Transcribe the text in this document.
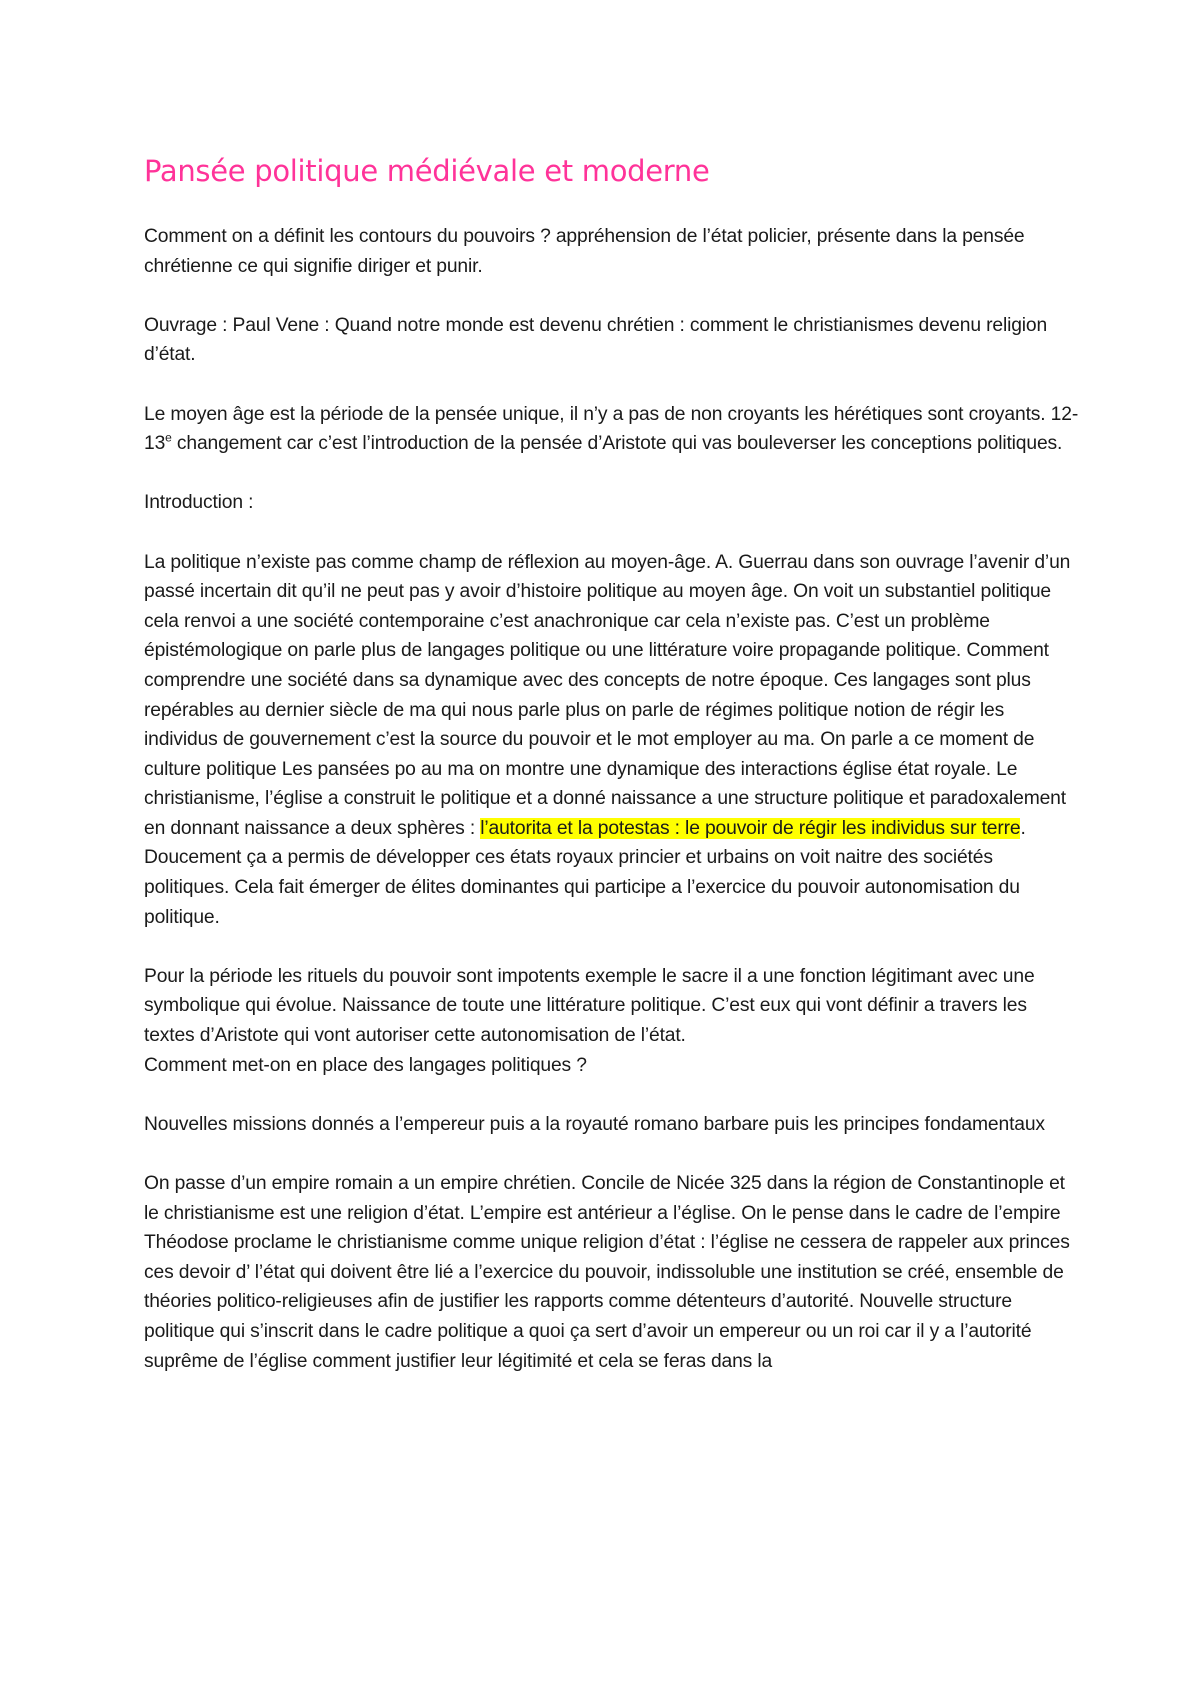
Pansée politique médiévale et moderne

Comment on a définit les contours du pouvoirs ? appréhension de l’état policier, présente dans la pensée chrétienne ce qui signifie diriger et punir.

Ouvrage : Paul Vene : Quand notre monde est devenu chrétien : comment le christianismes devenu religion d’état.

Le moyen âge est la période de la pensée unique, il n’y a pas de non croyants les hérétiques sont croyants. 12-13e changement car c’est l’introduction de la pensée d’Aristote qui vas bouleverser les conceptions politiques.

Introduction :

La politique n’existe pas comme champ de réflexion au moyen-âge. A. Guerrau dans son ouvrage l’avenir d’un passé incertain dit qu’il ne peut pas y avoir d’histoire politique au moyen âge. On voit un substantiel politique cela renvoi a une société contemporaine c’est anachronique car cela n’existe pas. C’est un problème épistémologique on parle plus de langages politique ou une littérature voire propagande politique. Comment comprendre une société dans sa dynamique avec des concepts de notre époque. Ces langages sont plus repérables au dernier siècle de ma qui nous parle plus on parle de régimes politique notion de régir les individus de gouvernement c’est la source du pouvoir et le mot employer au ma. On parle a ce moment de culture politique Les pansées po au ma on montre une dynamique des interactions église état royale. Le christianisme, l’église a construit le politique et a donné naissance a une structure politique et paradoxalement en donnant naissance a deux sphères : l’autorita et la potestas : le pouvoir de régir les individus sur terre. Doucement ça a permis de développer ces états royaux princier et urbains on voit naitre des sociétés politiques. Cela fait émerger de élites dominantes qui participe a l’exercice du pouvoir autonomisation du politique.

Pour la période les rituels du pouvoir sont impotents exemple le sacre il a une fonction légitimant avec une symbolique qui évolue. Naissance de toute une littérature politique. C’est eux qui vont définir a travers les textes d’Aristote qui vont autoriser cette autonomisation de l’état.

Comment met-on en place des langages politiques ?

Nouvelles missions donnés a l’empereur puis a la royauté romano barbare puis les principes fondamentaux

On passe d’un empire romain a un empire chrétien. Concile de Nicée 325 dans la région de Constantinople et le christianisme est une religion d’état. L’empire est antérieur a l’église. On le pense dans le cadre de l’empire Théodose proclame le christianisme comme unique religion d’état : l’église ne cessera de rappeler aux princes ces devoir d’ l’état qui doivent être lié a l’exercice du pouvoir, indissoluble une institution se créé, ensemble de théories politico-religieuses afin de justifier les rapports comme détenteurs d’autorité. Nouvelle structure politique qui s’inscrit dans le cadre politique a quoi ça sert d’avoir un empereur ou un roi car il y a l’autorité suprême de l’église comment justifier leur légitimité et cela se feras dans la
